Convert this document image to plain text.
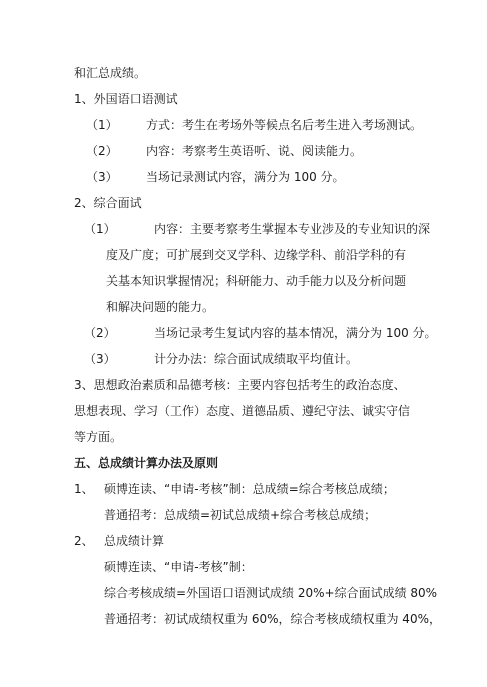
和汇总成绩。
1、外国语口语测试
（1） 方式：考生在考场外等候点名后考生进入考场测试。
（2） 内容：考察考生英语听、说、阅读能力。
（3） 当场记录测试内容，满分为 100 分。
2、综合面试
（1）	内容：主要考察考生掌握本专业涉及的专业知识的深
度及广度；可扩展到交叉学科、边缘学科、前沿学科的有
关基本知识掌握情况；科研能力、动手能力以及分析问题
和解决问题的能力。
（2）	当场记录考生复试内容的基本情况，满分为 100 分。
（3）	计分办法：综合面试成绩取平均值计。
3、思想政治素质和品德考核：主要内容包括考生的政治态度、
思想表现、学习（工作）态度、道德品质、遵纪守法、诚实守信
等方面。
五、总成绩计算办法及原则
1、 硕博连读、“申请-考核”制：总成绩=综合考核总成绩；
普通招考：总成绩=初试总成绩+综合考核总成绩；
2、 总成绩计算
硕博连读、“申请-考核”制：
综合考核成绩=外国语口语测试成绩 20%+综合面试成绩 80%
普通招考：初试成绩权重为 60%，综合考核成绩权重为 40%，
